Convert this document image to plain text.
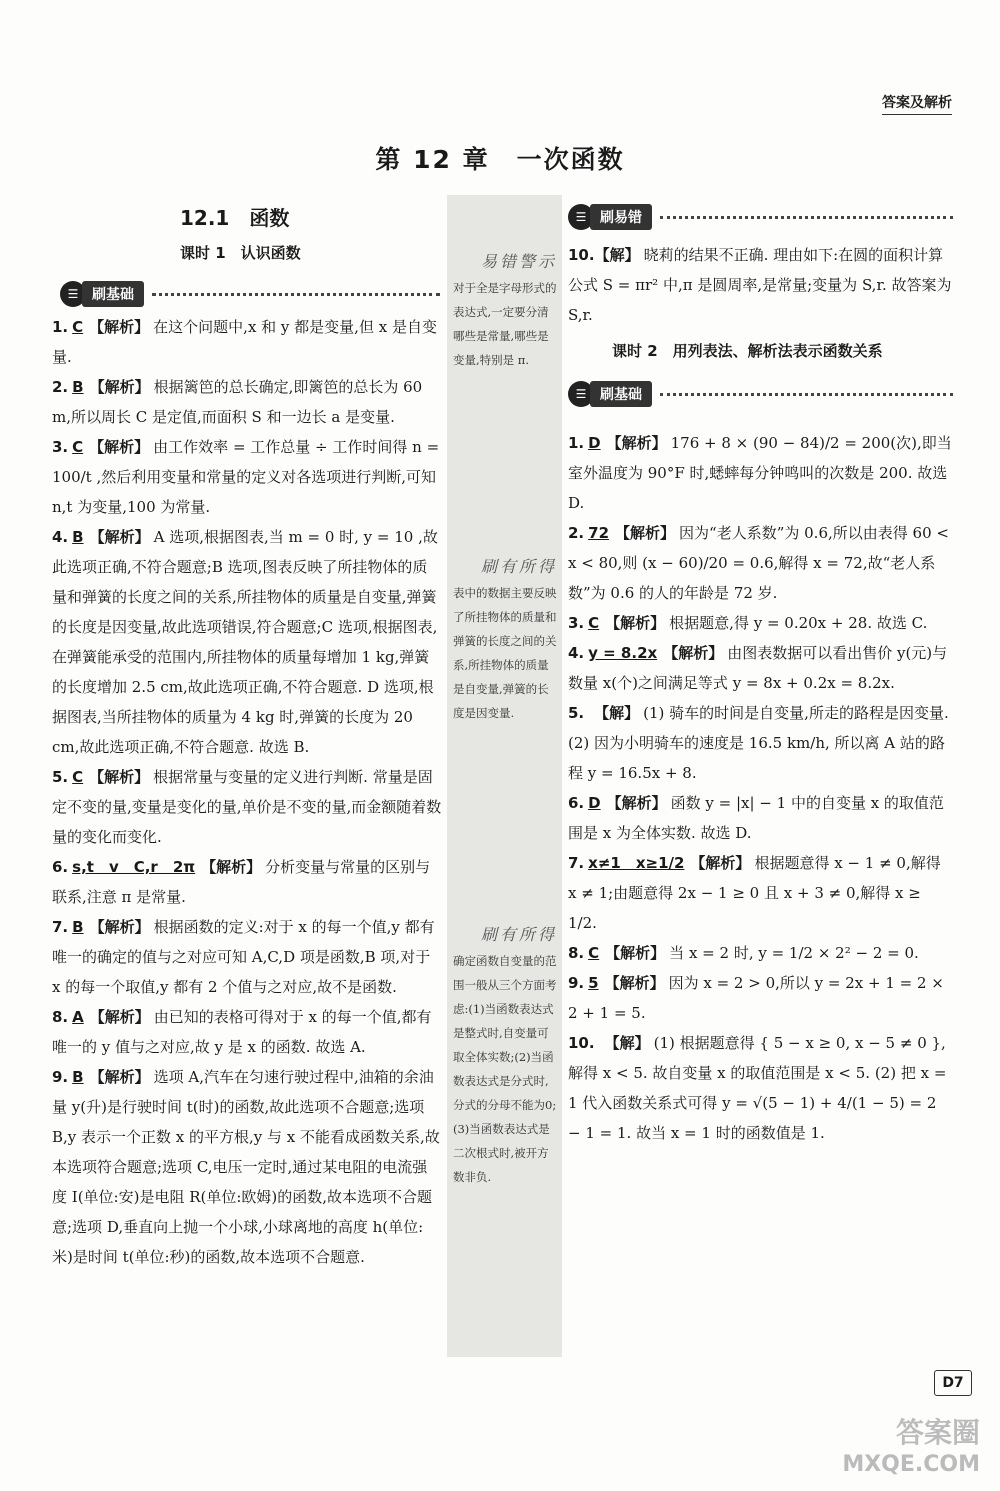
答案及解析
第 12 章　一次函数
12.1　函数
课时 1　认识函数
☰ 刷基础
1. C 【解析】 在这个问题中,x 和 y 都是变量,但 x 是自变量.
2. B 【解析】 根据篱笆的总长确定,即篱笆的总长为 60 m,所以周长 C 是定值,而面积 S 和一边长 a 是变量.
3. C 【解析】 由工作效率 = 工作总量 ÷ 工作时间得 n = 100/t ,然后利用变量和常量的定义对各选项进行判断,可知 n,t 为变量,100 为常量.
4. B 【解析】 A 选项,根据图表,当 m = 0 时, y = 10 ,故此选项正确,不符合题意;B 选项,图表反映了所挂物体的质量和弹簧的长度之间的关系,所挂物体的质量是自变量,弹簧的长度是因变量,故此选项错误,符合题意;C 选项,根据图表,在弹簧能承受的范围内,所挂物体的质量每增加 1 kg,弹簧的长度增加 2.5 cm,故此选项正确,不符合题意. D 选项,根据图表,当所挂物体的质量为 4 kg 时,弹簧的长度为 20 cm,故此选项正确,不符合题意. 故选 B.
5. C 【解析】 根据常量与变量的定义进行判断. 常量是固定不变的量,变量是变化的量,单价是不变的量,而金额随着数量的变化而变化.
6. s,t　v　C,r　2π 【解析】 分析变量与常量的区别与联系,注意 π 是常量.
7. B 【解析】 根据函数的定义:对于 x 的每一个值,y 都有唯一的确定的值与之对应可知 A,C,D 项是函数,B 项,对于 x 的每一个取值,y 都有 2 个值与之对应,故不是函数.
8. A 【解析】 由已知的表格可得对于 x 的每一个值,都有唯一的 y 值与之对应,故 y 是 x 的函数. 故选 A.
9. B 【解析】 选项 A,汽车在匀速行驶过程中,油箱的余油量 y(升)是行驶时间 t(时)的函数,故此选项不合题意;选项 B,y 表示一个正数 x 的平方根,y 与 x 不能看成函数关系,故本选项符合题意;选项 C,电压一定时,通过某电阻的电流强度 I(单位:安)是电阻 R(单位:欧姆)的函数,故本选项不合题意;选项 D,垂直向上抛一个小球,小球离地的高度 h(单位:米)是时间 t(单位:秒)的函数,故本选项不合题意.
易错警示
对于全是字母形式的表达式,一定要分清哪些是常量,哪些是变量,特别是 π.
刷有所得
表中的数据主要反映了所挂物体的质量和弹簧的长度之间的关系,所挂物体的质量是自变量,弹簧的长度是因变量.
刷有所得
确定函数自变量的范围一般从三个方面考虑:(1)当函数表达式是整式时,自变量可取全体实数;(2)当函数表达式是分式时,分式的分母不能为0;(3)当函数表达式是二次根式时,被开方数非负.
☰ 刷易错
10.【解】 晓莉的结果不正确. 理由如下:在圆的面积计算公式 S = πr² 中,π 是圆周率,是常量;变量为 S,r. 故答案为 S,r.
课时 2　用列表法、解析法表示函数关系
☰ 刷基础
1. D 【解析】 176 + 8 × (90 − 84)/2 = 200(次),即当室外温度为 90°F 时,蟋蟀每分钟鸣叫的次数是 200. 故选 D.
2. 72 【解析】 因为“老人系数”为 0.6,所以由表得 60 < x < 80,则 (x − 60)/20 = 0.6,解得 x = 72,故“老人系数”为 0.6 的人的年龄是 72 岁.
3. C 【解析】 根据题意,得 y = 0.20x + 28. 故选 C.
4. y = 8.2x 【解析】 由图表数据可以看出售价 y(元)与数量 x(个)之间满足等式 y = 8x + 0.2x = 8.2x.
5. 【解】 (1) 骑车的时间是自变量,所走的路程是因变量. (2) 因为小明骑车的速度是 16.5 km/h, 所以离 A 站的路程 y = 16.5x + 8.
6. D 【解析】 函数 y = |x| − 1 中的自变量 x 的取值范围是 x 为全体实数. 故选 D.
7. x≠1　x≥1/2 【解析】 根据题意得 x − 1 ≠ 0,解得 x ≠ 1;由题意得 2x − 1 ≥ 0 且 x + 3 ≠ 0,解得 x ≥ 1/2.
8. C 【解析】 当 x = 2 时, y = 1/2 × 2² − 2 = 0.
9. 5 【解析】 因为 x = 2 > 0,所以 y = 2x + 1 = 2 × 2 + 1 = 5.
10. 【解】 (1) 根据题意得 { 5 − x ≥ 0, x − 5 ≠ 0 },解得 x < 5. 故自变量 x 的取值范围是 x < 5. (2) 把 x = 1 代入函数关系式可得 y = √(5 − 1) + 4/(1 − 5) = 2 − 1 = 1. 故当 x = 1 时的函数值是 1.
D7
答案圈
MXQE.COM
